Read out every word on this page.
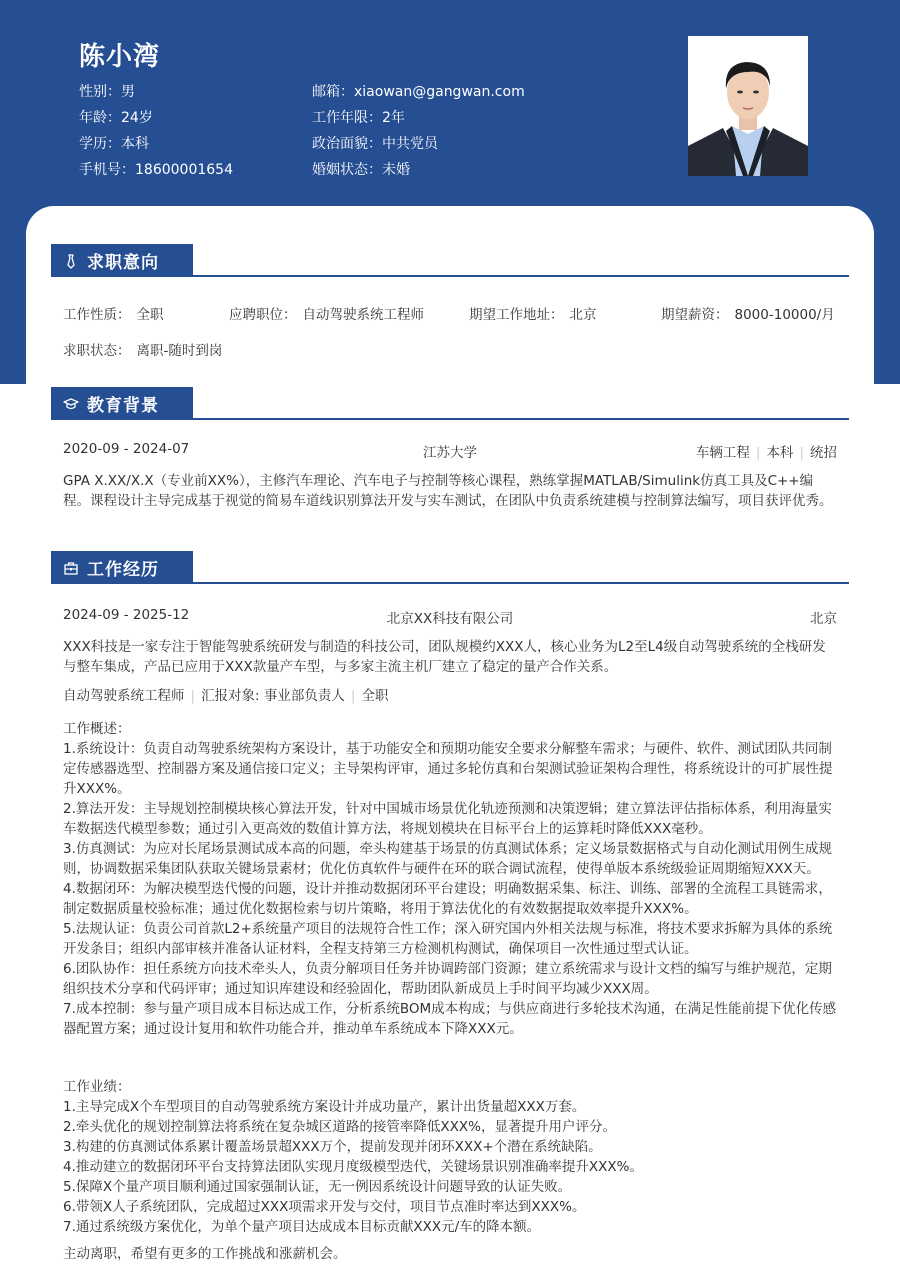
陈小湾
性别：男
年龄：24岁
学历：本科
手机号：18600001654
邮箱：xiaowan@gangwan.com
工作年限：2年
政治面貌：中共党员
婚姻状态：未婚
求职意向
工作性质： 全职	应聘职位： 自动驾驶系统工程师	期望工作地址： 北京	期望薪资： 8000-10000/月
求职状态： 离职-随时到岗
教育背景
2020-09 - 2024-07	江苏大学	车辆工程 | 本科 | 统招
GPA X.XX/X.X（专业前XX%），主修汽车理论、汽车电子与控制等核心课程，熟练掌握MATLAB/Simulink仿真工具及C++编程。课程设计主导完成基于视觉的简易车道线识别算法开发与实车测试，在团队中负责系统建模与控制算法编写，项目获评优秀。
工作经历
2024-09 - 2025-12	北京XX科技有限公司	北京
XXX科技是一家专注于智能驾驶系统研发与制造的科技公司，团队规模约XXX人，核心业务为L2至L4级自动驾驶系统的全栈研发与整车集成，产品已应用于XXX款量产车型，与多家主流主机厂建立了稳定的量产合作关系。
自动驾驶系统工程师 | 汇报对象: 事业部负责人 | 全职
工作概述：
1.系统设计：负责自动驾驶系统架构方案设计，基于功能安全和预期功能安全要求分解整车需求；与硬件、软件、测试团队共同制定传感器选型、控制器方案及通信接口定义；主导架构评审，通过多轮仿真和台架测试验证架构合理性，将系统设计的可扩展性提升XXX%。
2.算法开发：主导规划控制模块核心算法开发，针对中国城市场景优化轨迹预测和决策逻辑；建立算法评估指标体系，利用海量实车数据迭代模型参数；通过引入更高效的数值计算方法，将规划模块在目标平台上的运算耗时降低XXX毫秒。
3.仿真测试：为应对长尾场景测试成本高的问题，牵头构建基于场景的仿真测试体系；定义场景数据格式与自动化测试用例生成规则，协调数据采集团队获取关键场景素材；优化仿真软件与硬件在环的联合调试流程，使得单版本系统级验证周期缩短XXX天。
4.数据闭环：为解决模型迭代慢的问题，设计并推动数据闭环平台建设；明确数据采集、标注、训练、部署的全流程工具链需求，制定数据质量校验标准；通过优化数据检索与切片策略，将用于算法优化的有效数据提取效率提升XXX%。
5.法规认证：负责公司首款L2+系统量产项目的法规符合性工作；深入研究国内外相关法规与标准，将技术要求拆解为具体的系统开发条目；组织内部审核并准备认证材料，全程支持第三方检测机构测试，确保项目一次性通过型式认证。
6.团队协作：担任系统方向技术牵头人，负责分解项目任务并协调跨部门资源；建立系统需求与设计文档的编写与维护规范，定期组织技术分享和代码评审；通过知识库建设和经验固化，帮助团队新成员上手时间平均减少XXX周。
7.成本控制：参与量产项目成本目标达成工作，分析系统BOM成本构成；与供应商进行多轮技术沟通，在满足性能前提下优化传感器配置方案；通过设计复用和软件功能合并，推动单车系统成本下降XXX元。
工作业绩：
1.主导完成X个车型项目的自动驾驶系统方案设计并成功量产，累计出货量超XXX万套。
2.牵头优化的规划控制算法将系统在复杂城区道路的接管率降低XXX%，显著提升用户评分。
3.构建的仿真测试体系累计覆盖场景超XXX万个，提前发现并闭环XXX+个潜在系统缺陷。
4.推动建立的数据闭环平台支持算法团队实现月度级模型迭代，关键场景识别准确率提升XXX%。
5.保障X个量产项目顺利通过国家强制认证，无一例因系统设计问题导致的认证失败。
6.带领X人子系统团队，完成超过XXX项需求开发与交付，项目节点准时率达到XXX%。
7.通过系统级方案优化，为单个量产项目达成成本目标贡献XXX元/车的降本额。
主动离职，希望有更多的工作挑战和涨薪机会。
